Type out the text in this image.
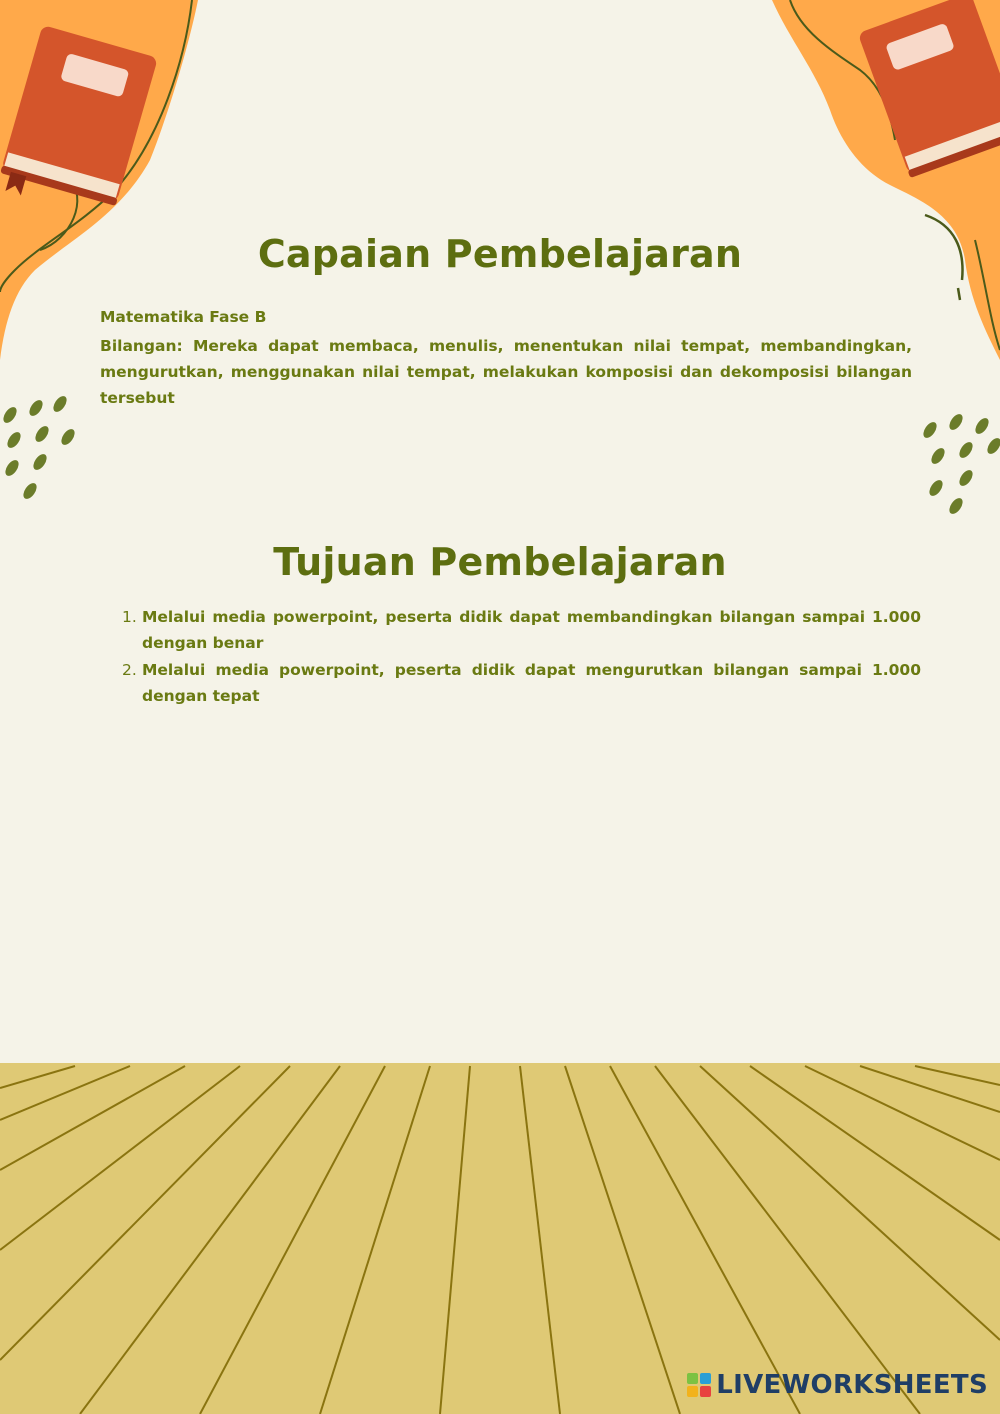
Capaian Pembelajaran
Matematika Fase B

Bilangan: Mereka dapat membaca, menulis, menentukan nilai tempat, membandingkan, mengurutkan, menggunakan nilai tempat, melakukan komposisi dan dekomposisi bilangan tersebut

Tujuan Pembelajaran
1. Melalui media powerpoint, peserta didik dapat membandingkan bilangan sampai 1.000 dengan benar
2. Melalui media powerpoint, peserta didik dapat mengurutkan bilangan sampai 1.000 dengan tepat
LIVEWORKSHEETS
